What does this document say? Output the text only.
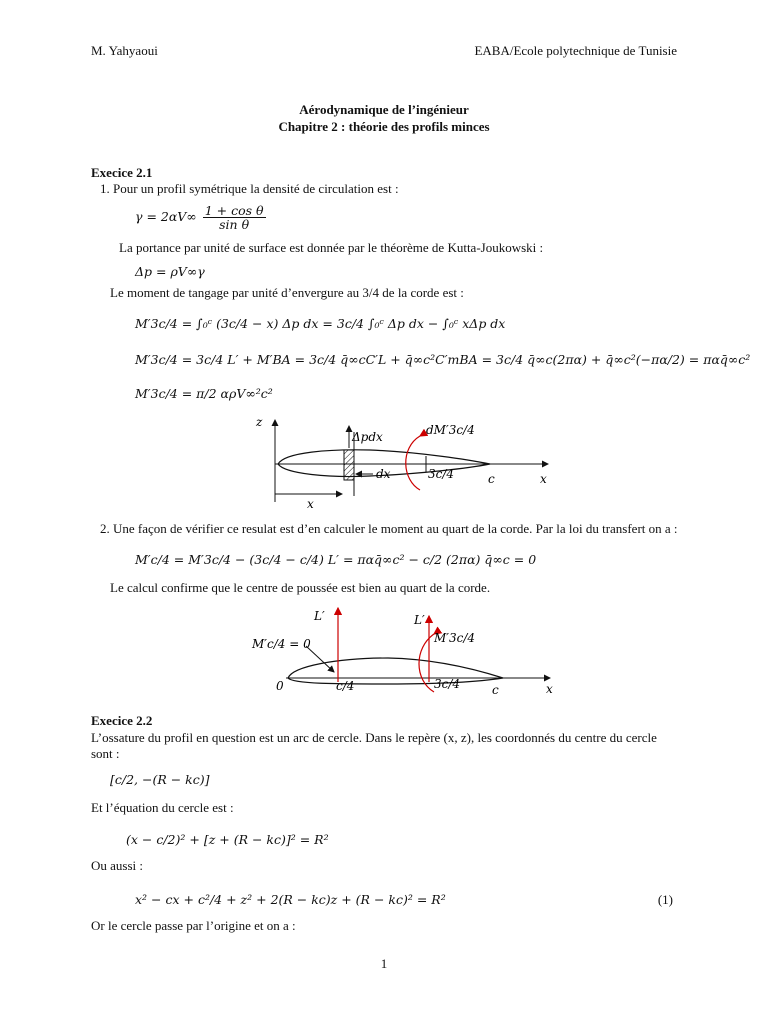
M. Yahyaoui	EABA/Ecole polytechnique de Tunisie
Aérodynamique de l’ingénieur
Chapitre 2 : théorie des profils minces
Execice 2.1
1. Pour un profil symétrique la densité de circulation est :
$\gamma = 2\alpha V\infty \frac{\text{1 + cos θ}}{\text{sin θ}}$
La portance par unité de surface est donnée par le théorème de Kutta-Joukowski :
Δp = ρV∞γ
Le moment de tangage par unité d’envergure au 3/4 de la corde est :
M′3c/4 = ∫₀ᶜ (3c/4 − x) Δp dx = 3c/4 ∫₀ᶜ Δp dx − ∫₀ᶜ xΔp dx
M′3c/4 = 3c/4 L′ + M′BA = 3c/4 q̄∞cC′L + q̄∞c²C′mBA = 3c/4 q̄∞c(2πα) + q̄∞c²(−πα/2) = παq̄∞c²
M′3c/4 = π/2 αρV∞²c²
z
Δpdx	dM′3c/4
dx	3c/4	c	x
x
2. Une façon de vérifier ce resulat est d’en calculer le moment au quart de la corde. Par la loi du transfert on a :
M′c/4 = M′3c/4 − (3c/4 − c/4) L′ = παq̄∞c² − c/2 (2πα) q̄∞c = 0
Le calcul confirme que le centre de poussée est bien au quart de la corde.
L′	L′
M′c/4 = 0	M′3c/4
0	c/4	3c/4	c	x
Execice 2.2
L’ossature du profil en question est un arc de cercle. Dans le repère (x, z), les coordonnés du centre du cercle
sont :
[c/2, −(R − kc)]
Et l’équation du cercle est :
(x − c/2)² + [z + (R − kc)]² = R²
Ou aussi :
x² − cx + c²/4 + z² + 2(R − kc)z + (R − kc)² = R²	(1)
Or le cercle passe par l’origine et on a :
1
